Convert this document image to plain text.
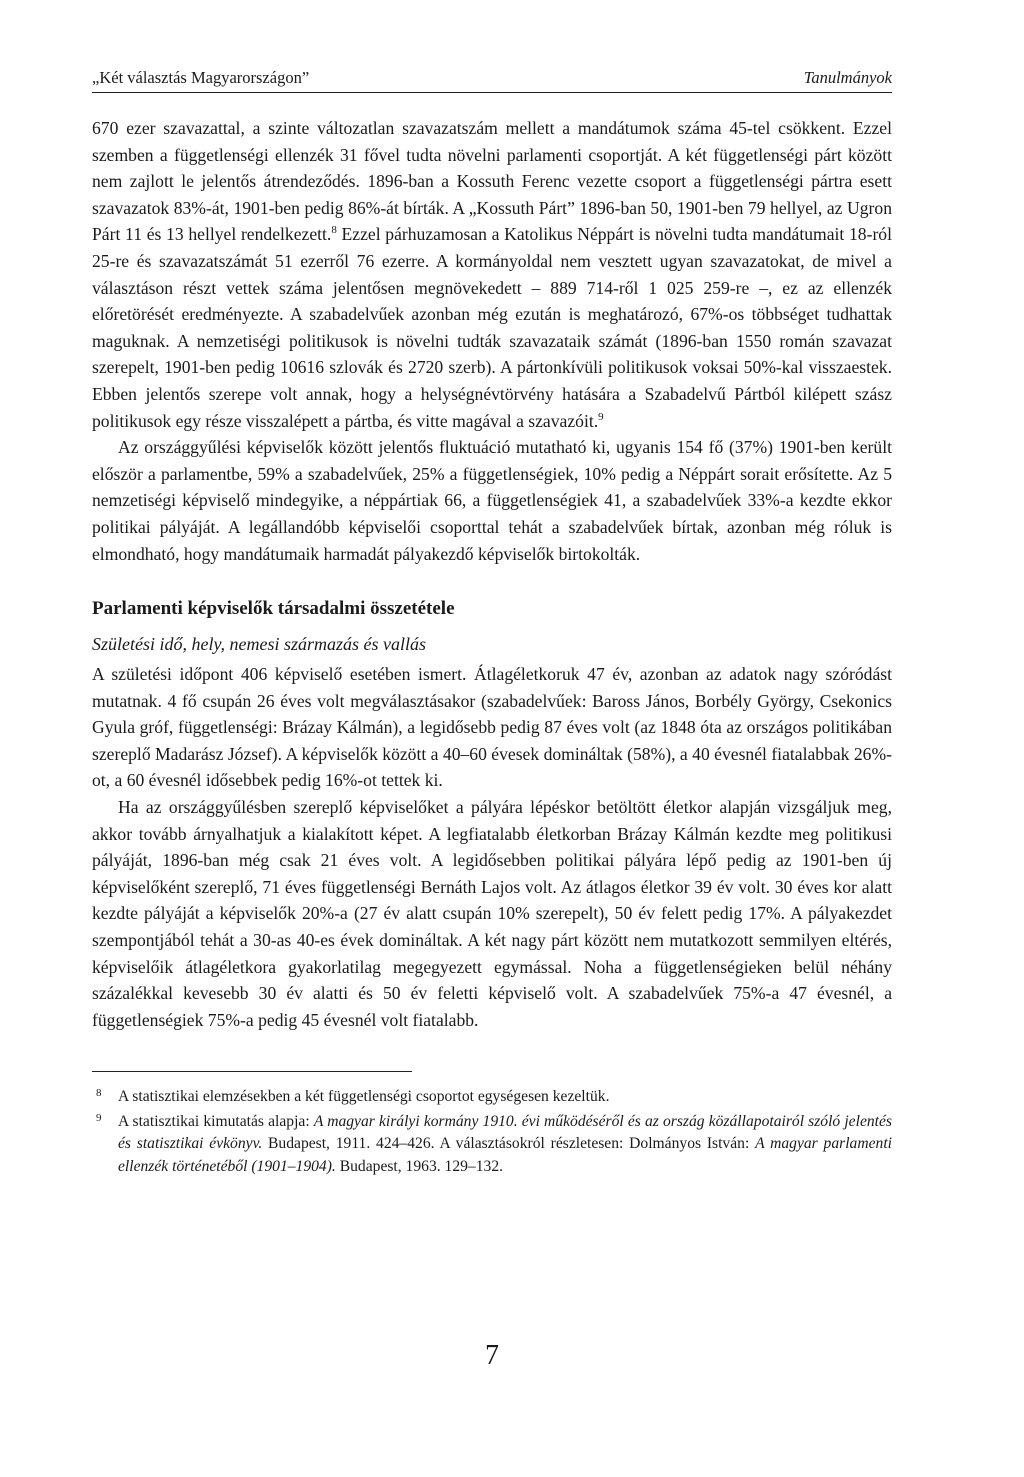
„Két választás Magyarországon”	Tanulmányok

670 ezer szavazattal, a szinte változatlan szavazatszám mellett a mandátumok száma 45-tel csökkent. Ezzel szemben a függetlenségi ellenzék 31 fővel tudta növelni parlamenti csoportját. A két függetlenségi párt között nem zajlott le jelentős átrendeződés. 1896-ban a Kossuth Ferenc vezette csoport a függetlenségi pártra esett szavazatok 83%-át, 1901-ben pedig 86%-át bírták. A „Kossuth Párt” 1896-ban 50, 1901-ben 79 hellyel, az Ugron Párt 11 és 13 hellyel rendelkezett.$^8$ Ezzel párhuzamosan a Katolikus Néppárt is növelni tudta mandátumait 18-ról 25-re és szavazatszámát 51 ezerről 76 ezerre. A kormányoldal nem vesztett ugyan szavazatokat, de mivel a választáson részt vettek száma jelentősen megnövekedett – 889 714-ről 1 025 259-re –, ez az ellenzék előretörését eredményezte. A szabadelvűek azonban még ezután is meghatározó, 67%-os többséget tudhattak maguknak. A nemzetiségi politikusok is növelni tudták szavazataik számát (1896-ban 1550 román szavazat szerepelt, 1901-ben pedig 10616 szlovák és 2720 szerb). A pártonkívüli politikusok voksai 50%-kal visszaestek. Ebben jelentős szerepe volt annak, hogy a helységnévtörvény hatására a Szabadelvű Pártból kilépett szász politikusok egy része visszalépett a pártba, és vitte magával a szavazóit.$^9$

Az országgyűlési képviselők között jelentős fluktuáció mutatható ki, ugyanis 154 fő (37%) 1901-ben került először a parlamentbe, 59% a szabadelvűek, 25% a függetlenségiek, 10% pedig a Néppárt sorait erősítette. Az 5 nemzetiségi képviselő mindegyike, a néppártiak 66, a függetlenségiek 41, a szabadelvűek 33%-a kezdte ekkor politikai pályáját. A legállandóbb képviselői csoporttal tehát a szabadelvűek bírtak, azonban még róluk is elmondható, hogy mandátumaik harmadát pályakezdő képviselők birtokolták.

Parlamenti képviselők társadalmi összetétele
Születési idő, hely, nemesi származás és vallás

A születési időpont 406 képviselő esetében ismert. Átlagéletkoruk 47 év, azonban az adatok nagy szóródást mutatnak. 4 fő csupán 26 éves volt megválasztásakor (szabadelvűek: Baross János, Borbély György, Csekonics Gyula gróf, függetlenségi: Brázay Kálmán), a legidősebb pedig 87 éves volt (az 1848 óta az országos politikában szereplő Madarász József). A képviselők között a 40–60 évesek domináltak (58%), a 40 évesnél fiatalabbak 26%-ot, a 60 évesnél idősebbek pedig 16%-ot tettek ki.

Ha az országgyűlésben szereplő képviselőket a pályára lépéskor betöltött életkor alapján vizsgáljuk meg, akkor tovább árnyalhatjuk a kialakított képet. A legfiatalabb életkorban Brázay Kálmán kezdte meg politikusi pályáját, 1896-ban még csak 21 éves volt. A legidősebben politikai pályára lépő pedig az 1901-ben új képviselőként szereplő, 71 éves függetlenségi Bernáth Lajos volt. Az átlagos életkor 39 év volt. 30 éves kor alatt kezdte pályáját a képviselők 20%-a (27 év alatt csupán 10% szerepelt), 50 év felett pedig 17%. A pályakezdet szempontjából tehát a 30-as 40-es évek domináltak. A két nagy párt között nem mutatkozott semmilyen eltérés, képviselőik átlagéletkora gyakorlatilag megegyezett egymással. Noha a függetlenségieken belül néhány százalékkal kevesebb 30 év alatti és 50 év feletti képviselő volt. A szabadelvűek 75%-a 47 évesnél, a függetlenségiek 75%-a pedig 45 évesnél volt fiatalabb.

8	A statisztikai elemzésekben a két függetlenségi csoportot egységesen kezeltük.
9	A statisztikai kimutatás alapja: A magyar királyi kormány 1910. évi működéséről és az ország közállapotairól szóló jelentés és statisztikai évkönyv. Budapest, 1911. 424–426. A választásokról részletesen: Dolmányos István: A magyar parlamenti ellenzék történetéből (1901–1904). Budapest, 1963. 129–132.
7
